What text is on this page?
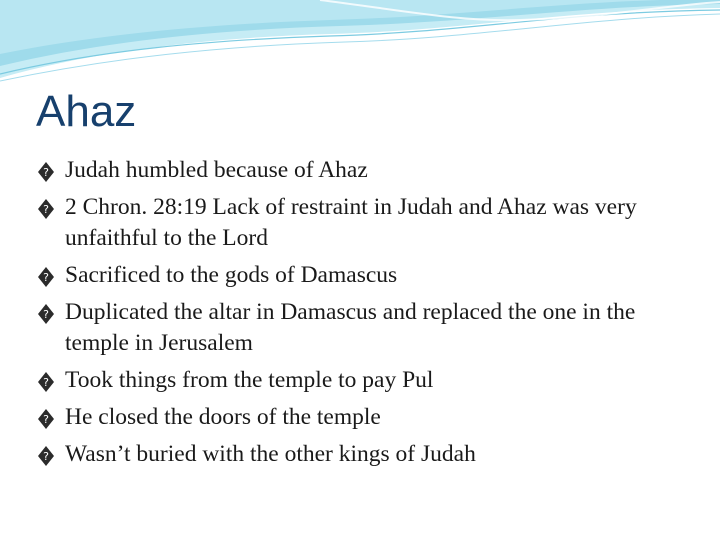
Ahaz
? Judah humbled because of Ahaz
? 2 Chron. 28:19 Lack of restraint in Judah and Ahaz was very unfaithful to the Lord
? Sacrificed to the gods of Damascus
? Duplicated the altar in Damascus and replaced the one in the temple in Jerusalem
? Took things from the temple to pay Pul
? He closed the doors of the temple
? Wasn’t buried with the other kings of Judah
